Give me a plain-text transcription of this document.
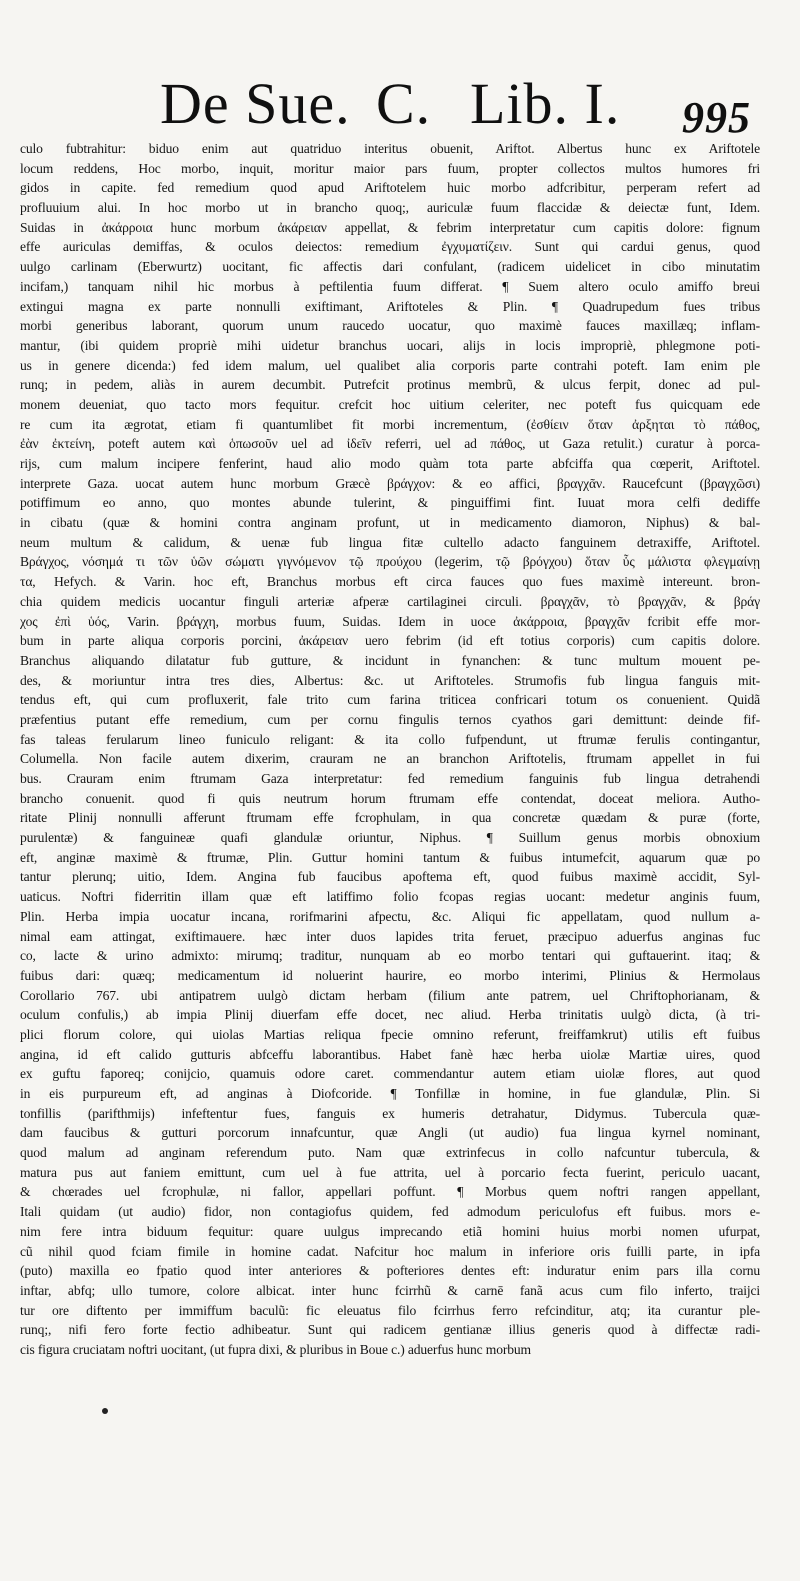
De Sue. C. Lib. I. 995
culo fubtrahitur: biduo enim aut quatriduo interitus obuenit, Ariftot. Albertus hunc ex Ariftotele
locum reddens, Hoc morbo, inquit, moritur maior pars fuum, propter collectos multos humores fri
gidos in capite. fed remedium quod apud Ariftotelem huic morbo adfcribitur, perperam refert ad
profluuium alui. In hoc morbo ut in brancho quoq;, auriculæ fuum flaccidæ & deiectæ funt, Idem.
Suidas in ἀκάρροια hunc morbum ἀκάρειαν appellat, & febrim interpretatur cum capitis dolore: fignum
effe auriculas demiffas, & oculos deiectos: remedium ἐγχυματίζειν. Sunt qui cardui genus, quod
uulgo carlinam (Eberwurtz) uocitant, fic affectis dari confulant, (radicem uidelicet in cibo minutatim
incifam,) tanquam nihil hic morbus à peftilentia fuum differat. ¶ Suem altero oculo amiffo breui
extingui magna ex parte nonnulli exiftimant, Ariftoteles & Plin. ¶ Quadrupedum fues tribus
morbi generibus laborant, quorum unum raucedo uocatur, quo maximè fauces maxillæq; inflam-
mantur, (ibi quidem propriè mihi uidetur branchus uocari, alijs in locis impropriè, phlegmone poti-
us in genere dicenda:) fed idem malum, uel qualibet alia corporis parte contrahi poteft. Iam enim ple
runq; in pedem, aliàs in aurem decumbit. Putrefcit protinus membrũ, & ulcus ferpit, donec ad pul-
monem deueniat, quo tacto mors fequitur. crefcit hoc uitium celeriter, nec poteft fus quicquam ede
re cum ita ægrotat, etiam fi quantumlibet fit morbi incrementum, (ἐσθίειν ὅταν ἀρξηται τὸ πάθος,
ἐὰν ἐκτείνη, poteft autem καὶ ὁπωσοῦν uel ad ἰδεῖν referri, uel ad πάθος, ut Gaza retulit.) curatur à porca-
rijs, cum malum incipere fenferint, haud alio modo quàm tota parte abfciffa qua cœperit, Ariftotel.
interprete Gaza. uocat autem hunc morbum Græcè βράγχον: & eo affici, βραγχᾶν. Raucefcunt (βραγχῶσι)
potiffimum eo anno, quo montes abunde tulerint, & pinguiffimi fint. Iuuat mora celfi dediffe
in cibatu (quæ & homini contra anginam profunt, ut in medicamento diamoron, Niphus) & bal-
neum multum & calidum, & uenæ fub lingua fitæ cultello adacto fanguinem detraxiffe, Ariftotel.
Βράγχος, νόσημά τι τῶν ὑῶν σώματι γιγνόμενον τῷ προύχου (legerim, τῷ βρόγχου) ὅταν ὗς μάλιστα φλεγμαίνῃ
τα, Hefych. & Varin. hoc eft, Branchus morbus eft circa fauces quo fues maximè intereunt. bron-
chia quidem medicis uocantur finguli arteriæ afperæ cartilaginei circuli. βραγχᾶν, τὸ βραγχᾶν, & βράγ
χος ἐπὶ ὑός, Varin. βράγχη, morbus fuum, Suidas. Idem in uoce ἀκάρροια, βραγχᾶν fcribit effe mor-
bum in parte aliqua corporis porcini, ἀκάρειαν uero febrim (id eft totius corporis) cum capitis dolore.
Branchus aliquando dilatatur fub gutture, & incidunt in fynanchen: & tunc multum mouent pe-
des, & moriuntur intra tres dies, Albertus: &c. ut Ariftoteles. Strumofis fub lingua fanguis mit-
tendus eft, qui cum profluxerit, fale trito cum farina triticea confricari totum os conuenient. Quidã
præfentius putant effe remedium, cum per cornu fingulis ternos cyathos gari demittunt: deinde fif-
fas taleas ferularum lineo funiculo religant: & ita collo fufpendunt, ut ftrumæ ferulis contingantur,
Columella. Non facile autem dixerim, crauram ne an branchon Ariftotelis, ftrumam appellet in fui
bus. Crauram enim ftrumam Gaza interpretatur: fed remedium fanguinis fub lingua detrahendi
brancho conuenit. quod fi quis neutrum horum ftrumam effe contendat, doceat meliora. Autho-
ritate Plinij nonnulli afferunt ftrumam effe fcrophulam, in qua concretæ quædam & puræ (forte,
purulentæ) & fanguineæ quafi glandulæ oriuntur, Niphus. ¶ Suillum genus morbis obnoxium
eft, anginæ maximè & ftrumæ, Plin. Guttur homini tantum & fuibus intumefcit, aquarum quæ po
tantur plerunq; uitio, Idem. Angina fub faucibus apoftema eft, quod fuibus maximè accidit, Syl-
uaticus. Noftri fiderritin illam quæ eft latiffimo folio fcopas regias uocant: medetur anginis fuum,
Plin. Herba impia uocatur incana, rorifmarini afpectu, &c. Aliqui fic appellatam, quod nullum a-
nimal eam attingat, exiftimauere. hæc inter duos lapides trita feruet, præcipuo aduerfus anginas fuc
co, lacte & urino admixto: mirumq; traditur, nunquam ab eo morbo tentari qui guftauerint. itaq; &
fuibus dari: quæq; medicamentum id noluerint haurire, eo morbo interimi, Plinius & Hermolaus
Corollario 767. ubi antipatrem uulgò dictam herbam (filium ante patrem, uel Chriftophorianam, &
oculum confulis,) ab impia Plinij diuerfam effe docet, nec aliud. Herba trinitatis uulgò dicta, (à tri-
plici florum colore, qui uiolas Martias reliqua fpecie omnino referunt, freiffamkrut) utilis eft fuibus
angina, id eft calido gutturis abfceffu laborantibus. Habet fanè hæc herba uiolæ Martiæ uires, quod
ex guftu faporeq; conijcio, quamuis odore caret. commendantur autem etiam uiolæ flores, aut quod
in eis purpureum eft, ad anginas à Diofcoride. ¶ Tonfillæ in homine, in fue glandulæ, Plin. Si
tonfillis (parifthmijs) infeftentur fues, fanguis ex humeris detrahatur, Didymus. Tubercula quæ-
dam faucibus & gutturi porcorum innafcuntur, quæ Angli (ut audio) fua lingua kyrnel nominant,
quod malum ad anginam referendum puto. Nam quæ extrinfecus in collo nafcuntur tubercula, &
matura pus aut faniem emittunt, cum uel à fue attrita, uel à porcario fecta fuerint, periculo uacant,
& chœrades uel fcrophulæ, ni fallor, appellari poffunt. ¶ Morbus quem noftri rangen appellant,
Itali quidam (ut audio) fidor, non contagiofus quidem, fed admodum periculofus eft fuibus. mors e-
nim fere intra biduum fequitur: quare uulgus imprecando etiã homini huius morbi nomen ufurpat,
cũ nihil quod fciam fimile in homine cadat. Nafcitur hoc malum in inferiore oris fuilli parte, in ipfa
(puto) maxilla eo fpatio quod inter anteriores & pofteriores dentes eft: induratur enim pars illa cornu
inftar, abfq; ullo tumore, colore albicat. inter hunc fcirrhũ & carnē fanã acus cum filo inferto, traijci
tur ore diftento per immiffum baculũ: fic eleuatus filo fcirrhus ferro refcinditur, atq; ita curantur ple-
runq;, nifi fero forte fectio adhibeatur. Sunt qui radicem gentianæ illius generis quod à diffectæ radi-
cis figura cruciatam noftri uocitant, (ut fupra dixi, & pluribus in Boue c.) aduerfus hunc morbum
